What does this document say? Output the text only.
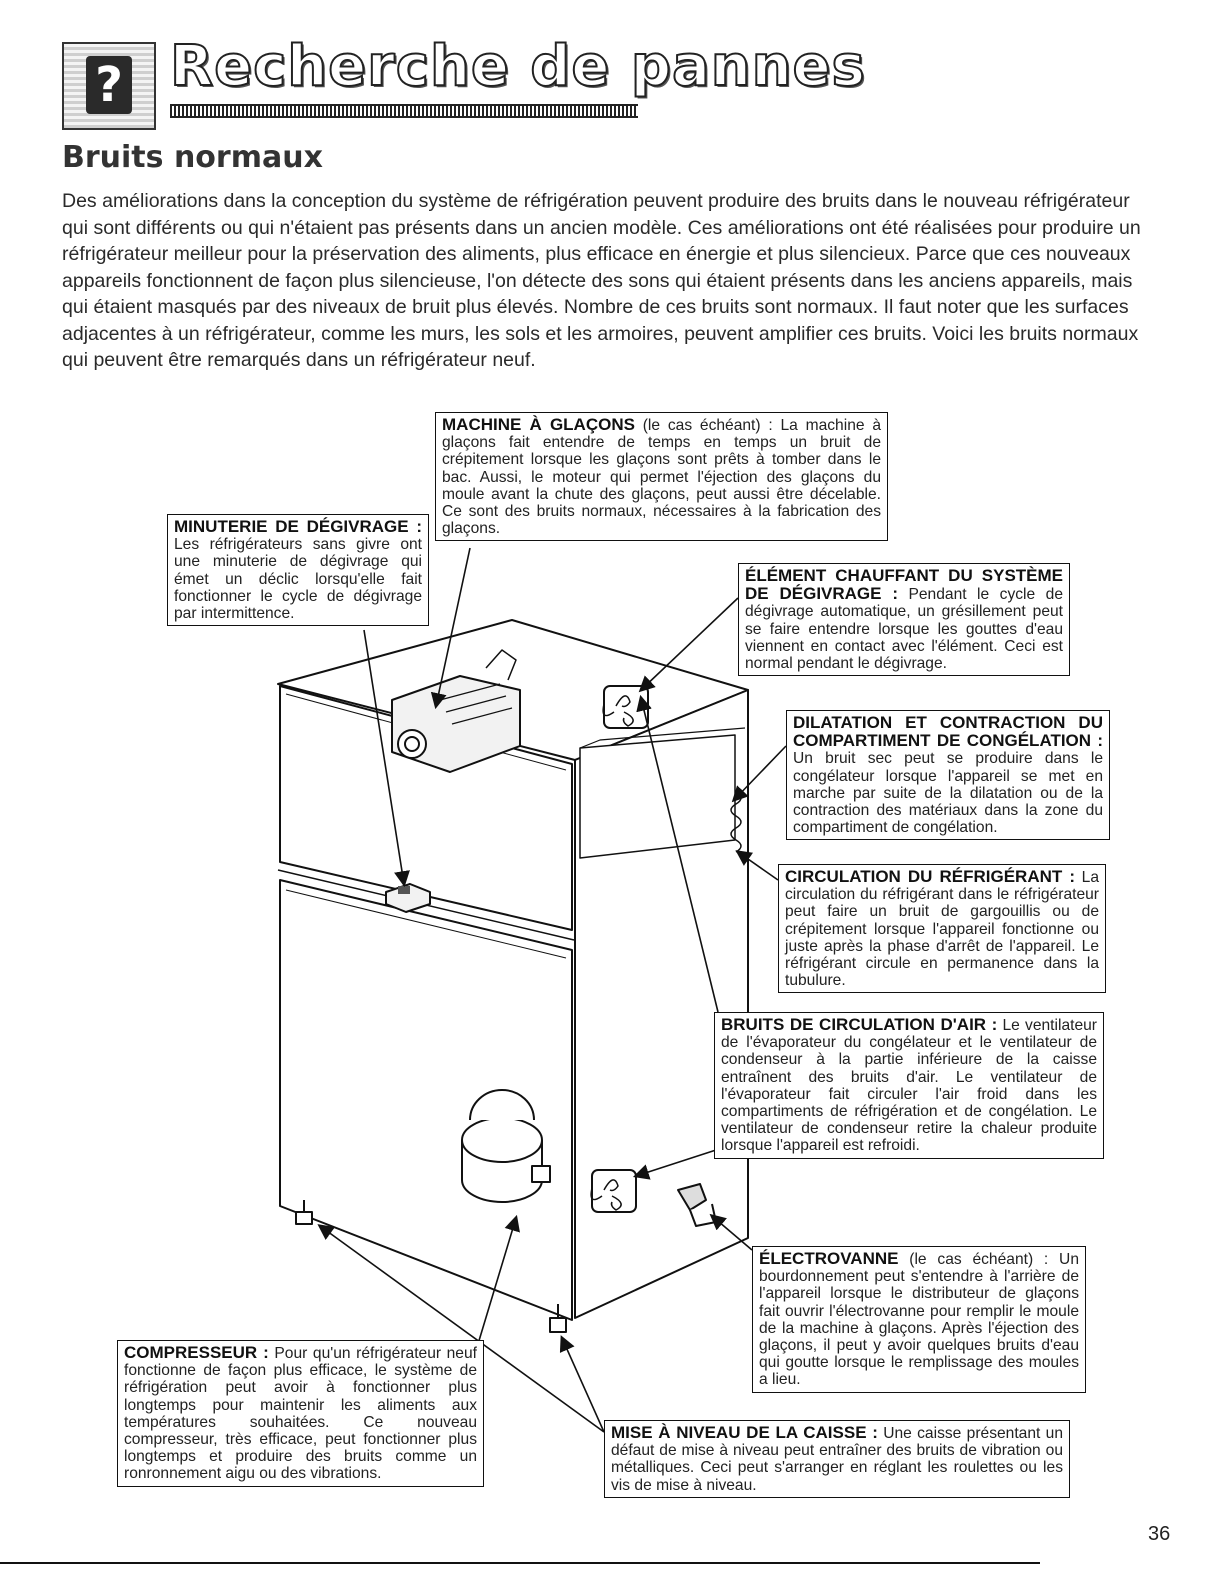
? Recherche de pannes
Bruits normaux

Des améliorations dans la conception du système de réfrigération peuvent produire des bruits dans le nouveau réfrigérateur qui sont différents ou qui n'étaient pas présents dans un ancien modèle. Ces améliorations ont été réalisées pour produire un réfrigérateur meilleur pour la préservation des aliments, plus efficace en énergie et plus silencieux. Parce que ces nouveaux appareils fonctionnent de façon plus silencieuse, l'on détecte des sons qui étaient présents dans les anciens appareils, mais qui étaient masqués par des niveaux de bruit plus élevés. Nombre de ces bruits sont normaux. Il faut noter que les surfaces adjacentes à un réfrigérateur, comme les murs, les sols et les armoires, peuvent amplifier ces bruits. Voici les bruits normaux qui peuvent être remarqués dans un réfrigérateur neuf.

MACHINE À GLAÇONS (le cas échéant) : La machine à glaçons fait entendre de temps en temps un bruit de crépitement lorsque les glaçons sont prêts à tomber dans le bac. Aussi, le moteur qui permet l'éjection des glaçons du moule avant la chute des glaçons, peut aussi être décelable. Ce sont des bruits normaux, nécessaires à la fabrication des glaçons.
MINUTERIE DE DÉGIVRAGE : Les réfrigérateurs sans givre ont une minuterie de dégivrage qui émet un déclic lorsqu'elle fait fonctionner le cycle de dégivrage par intermittence.
ÉLÉMENT CHAUFFANT DU SYSTÈME DE DÉGIVRAGE : Pendant le cycle de dégivrage automatique, un grésillement peut se faire entendre lorsque les gouttes d'eau viennent en contact avec l'élément. Ceci est normal pendant le dégivrage.
DILATATION ET CONTRACTION DU COMPARTIMENT DE CONGÉLATION : Un bruit sec peut se produire dans le congélateur lorsque l'appareil se met en marche par suite de la dilatation ou de la contraction des matériaux dans la zone du compartiment de congélation.
CIRCULATION DU RÉFRIGÉRANT : La circulation du réfrigérant dans le réfrigérateur peut faire un bruit de gargouillis ou de crépitement lorsque l'appareil fonctionne ou juste après la phase d'arrêt de l'appareil. Le réfrigérant circule en permanence dans la tubulure.
BRUITS DE CIRCULATION D'AIR : Le ventilateur de l'évaporateur du congélateur et le ventilateur de condenseur à la partie inférieure de la caisse entraînent des bruits d'air. Le ventilateur de l'évaporateur fait circuler l'air froid dans les compartiments de réfrigération et de congélation. Le ventilateur de condenseur retire la chaleur produite lorsque l'appareil est refroidi.
ÉLECTROVANNE (le cas échéant) : Un bourdonnement peut s'entendre à l'arrière de l'appareil lorsque le distributeur de glaçons fait ouvrir l'électrovanne pour remplir le moule de la machine à glaçons. Après l'éjection des glaçons, il peut y avoir quelques bruits d'eau qui goutte lorsque le remplissage des moules a lieu.
COMPRESSEUR : Pour qu'un réfrigérateur neuf fonctionne de façon plus efficace, le système de réfrigération peut avoir à fonctionner plus longtemps pour maintenir les aliments aux températures souhaitées. Ce nouveau compresseur, très efficace, peut fonctionner plus longtemps et produire des bruits comme un ronronnement aigu ou des vibrations.
MISE À NIVEAU DE LA CAISSE : Une caisse présentant un défaut de mise à niveau peut entraîner des bruits de vibration ou métalliques. Ceci peut s'arranger en réglant les roulettes ou les vis de mise à niveau.
36
